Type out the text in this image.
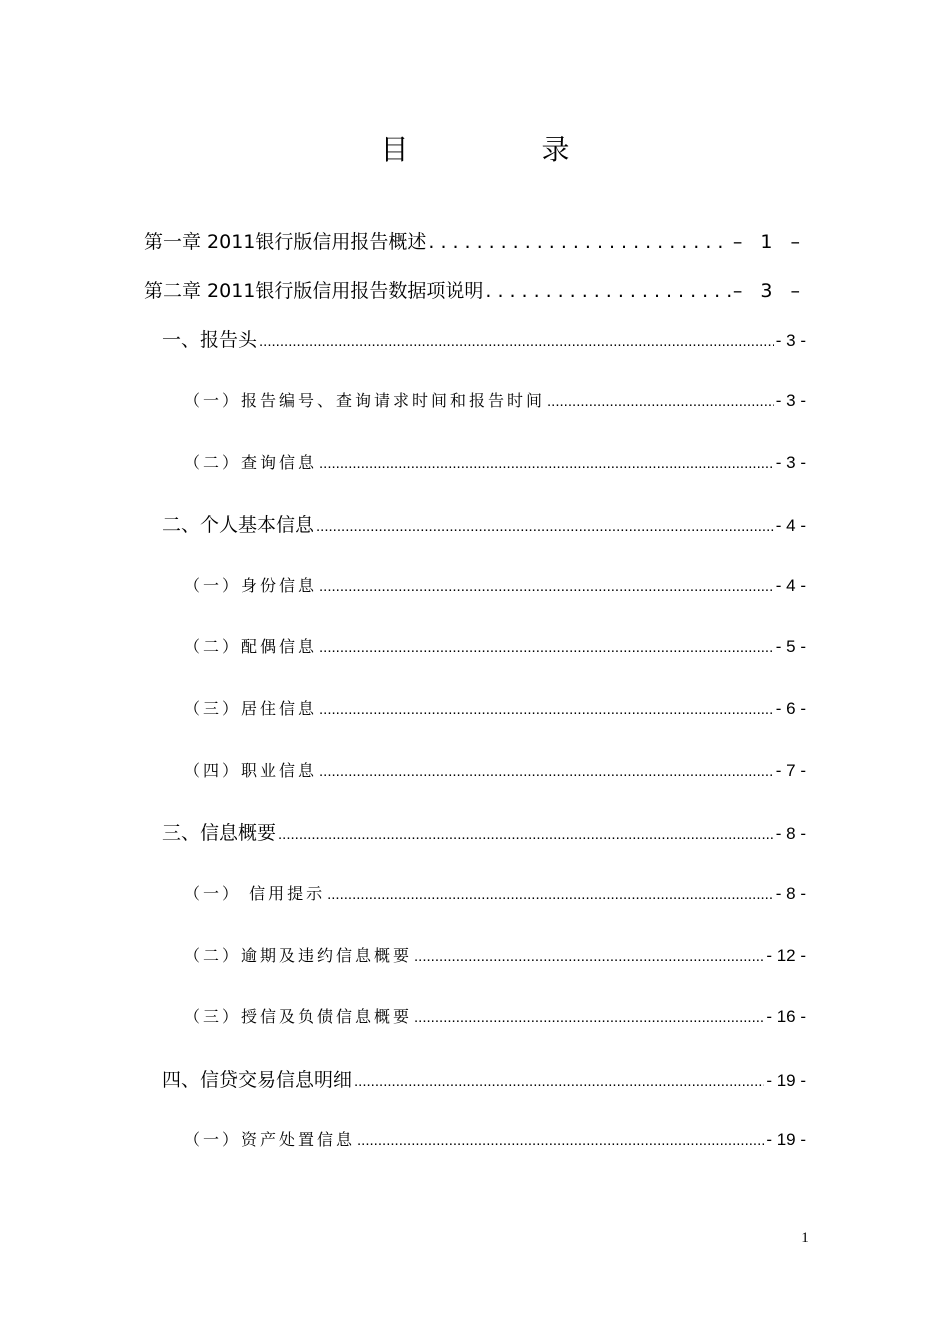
目 录
第一章 2011银行版信用报告概述 .....	– 1 –
第二章 2011银行版信用报告数据项说明 .....	– 3 –
一、报告头 .....	- 3 -
（一）报告编号、查询请求时间和报告时间 .....	- 3 -
（二）查询信息 .....	- 3 -
二、个人基本信息 .....	- 4 -
（一）身份信息 .....	- 4 -
（二）配偶信息 .....	- 5 -
（三）居住信息 .....	- 6 -
（四）职业信息 .....	- 7 -
三、信息概要 .....	- 8 -
（一） 信用提示 .....	- 8 -
（二）逾期及违约信息概要 .....	- 12 -
（三）授信及负债信息概要 .....	- 16 -
四、信贷交易信息明细 .....	- 19 -
（一）资产处置信息 .....	- 19 -
1
